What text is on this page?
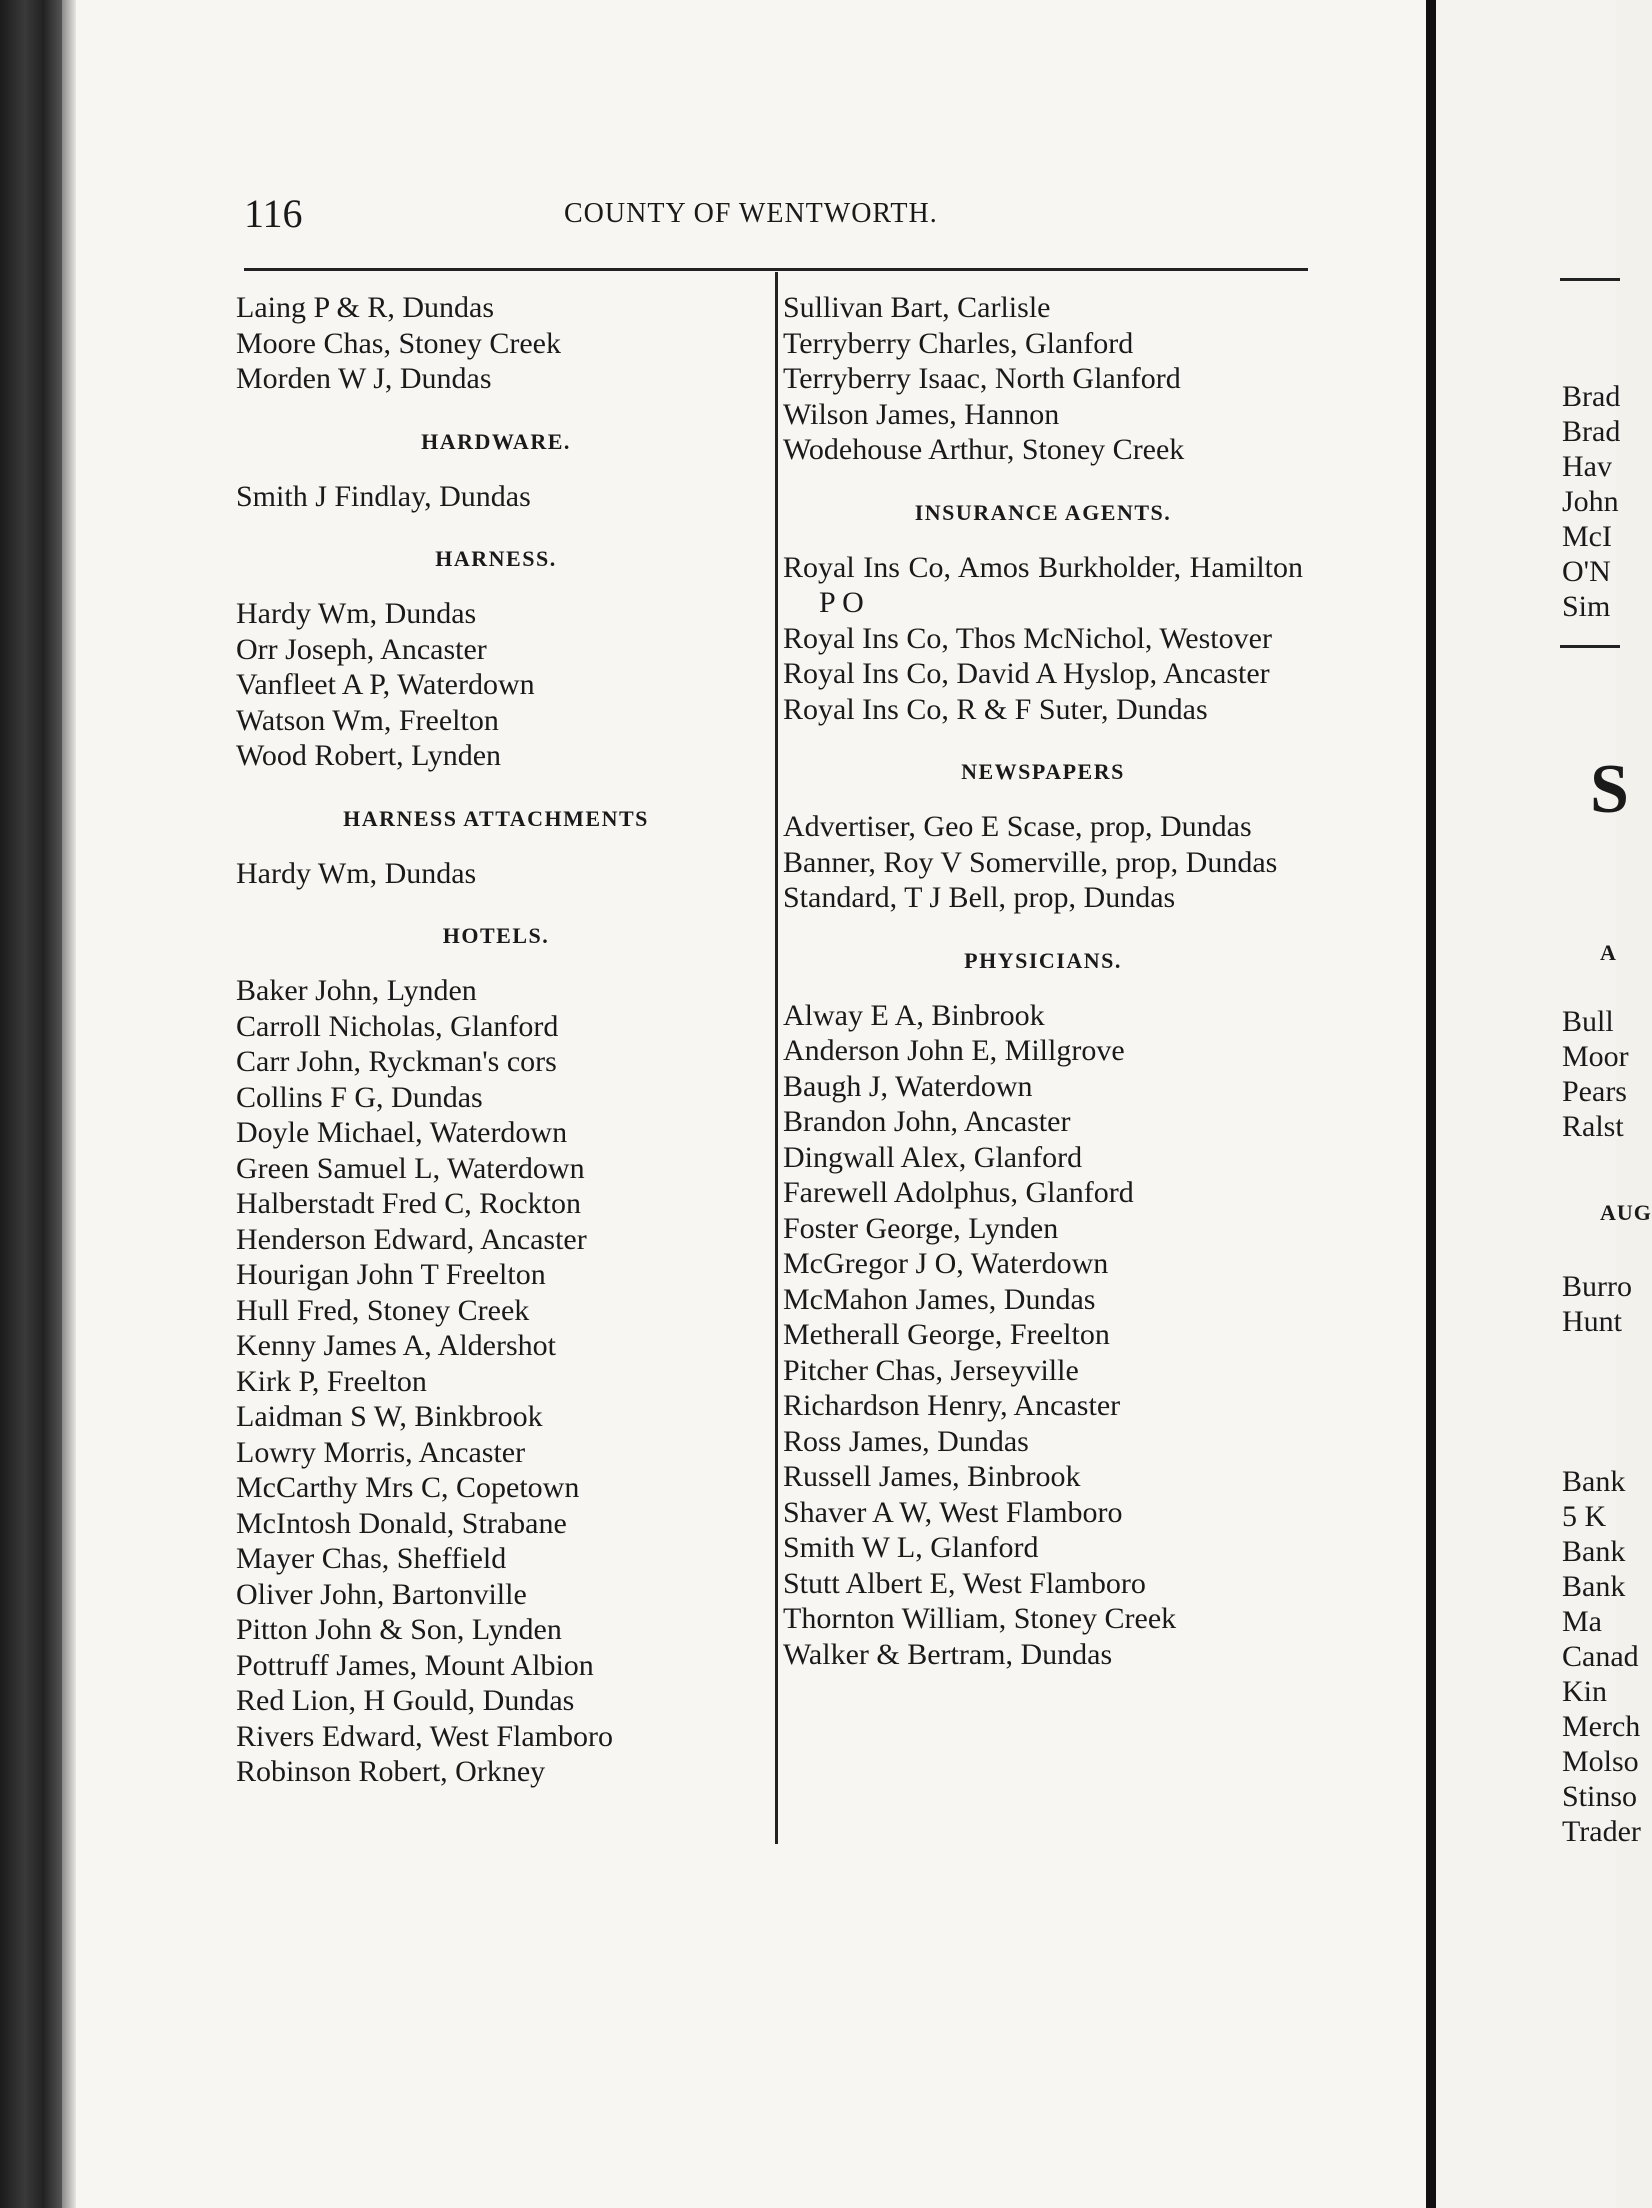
116	COUNTY OF WENTWORTH.
Laing P & R, Dundas
Moore Chas, Stoney Creek
Morden W J, Dundas
HARDWARE.
Smith J Findlay, Dundas
HARNESS.
Hardy Wm, Dundas
Orr Joseph, Ancaster
Vanfleet A P, Waterdown
Watson Wm, Freelton
Wood Robert, Lynden
HARNESS ATTACHMENTS
Hardy Wm, Dundas
HOTELS.
Baker John, Lynden
Carroll Nicholas, Glanford
Carr John, Ryckman's cors
Collins F G, Dundas
Doyle Michael, Waterdown
Green Samuel L, Waterdown
Halberstadt Fred C, Rockton
Henderson Edward, Ancaster
Hourigan John T Freelton
Hull Fred, Stoney Creek
Kenny James A, Aldershot
Kirk P, Freelton
Laidman S W, Binkbrook
Lowry Morris, Ancaster
McCarthy Mrs C, Copetown
McIntosh Donald, Strabane
Mayer Chas, Sheffield
Oliver John, Bartonville
Pitton John & Son, Lynden
Pottruff James, Mount Albion
Red Lion, H Gould, Dundas
Rivers Edward, West Flamboro
Robinson Robert, Orkney
Sullivan Bart, Carlisle
Terryberry Charles, Glanford
Terryberry Isaac, North Glanford
Wilson James, Hannon
Wodehouse Arthur, Stoney Creek
INSURANCE AGENTS.
Royal Ins Co, Amos Burkholder, Hamilton P O
Royal Ins Co, Thos McNichol, Westover
Royal Ins Co, David A Hyslop, Ancaster
Royal Ins Co, R & F Suter, Dundas
NEWSPAPERS
Advertiser, Geo E Scase, prop, Dundas
Banner, Roy V Somerville, prop, Dundas
Standard, T J Bell, prop, Dundas
PHYSICIANS.
Alway E A, Binbrook
Anderson John E, Millgrove
Baugh J, Waterdown
Brandon John, Ancaster
Dingwall Alex, Glanford
Farewell Adolphus, Glanford
Foster George, Lynden
McGregor J O, Waterdown
McMahon James, Dundas
Metherall George, Freelton
Pitcher Chas, Jerseyville
Richardson Henry, Ancaster
Ross James, Dundas
Russell James, Binbrook
Shaver A W, West Flamboro
Smith W L, Glanford
Stutt Albert E, West Flamboro
Thornton William, Stoney Creek
Walker & Bertram, Dundas
Brad
Brad
Hav
John
McI
O'N
Sim
S
A
Bull
Moor
Pears
Ralst
AUG
Burro
Hunt
Bank
5 K
Bank
Bank
Ma
Canad
Kin
Merch
Molso
Stinso
Trader
